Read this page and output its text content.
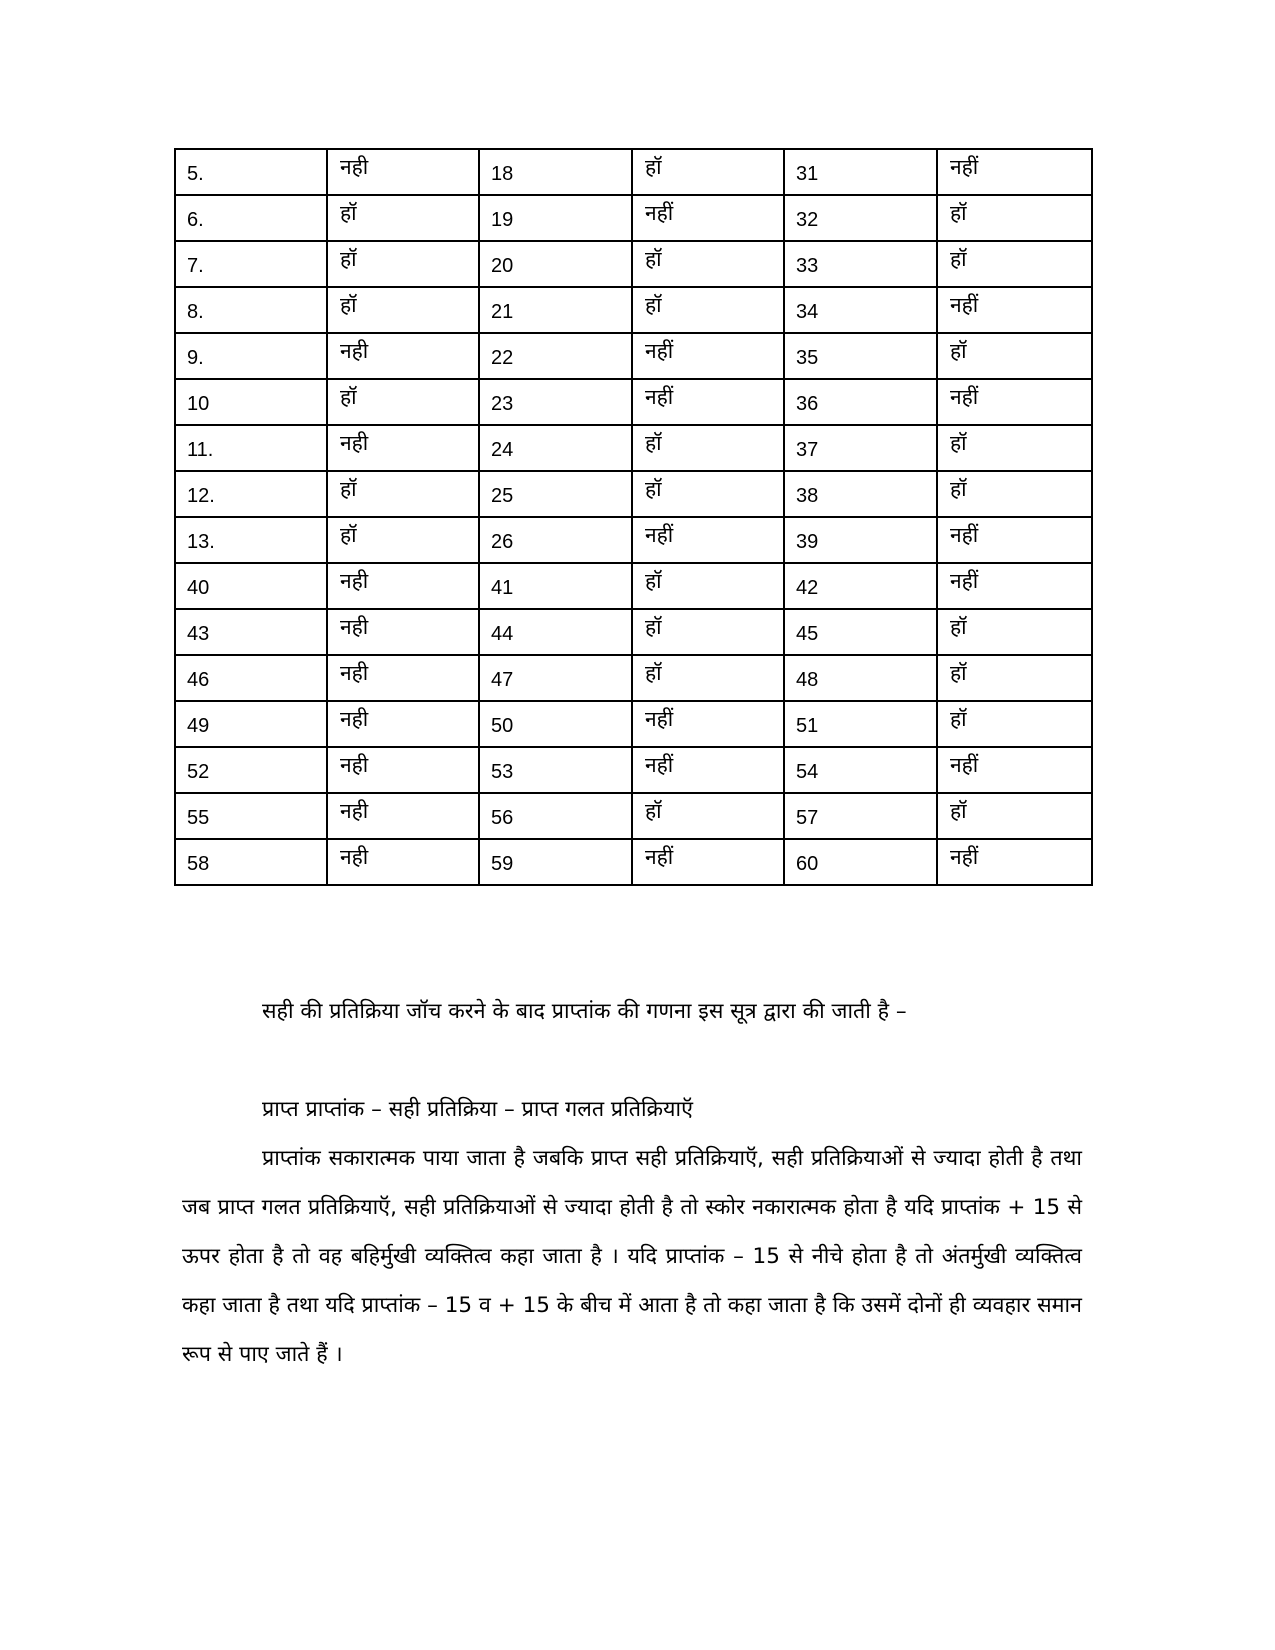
5.	नही	18	हॉ	31	नहीं
6.	हॉ	19	नहीं	32	हॉ
7.	हॉ	20	हॉ	33	हॉ
8.	हॉ	21	हॉ	34	नहीं
9.	नही	22	नहीं	35	हॉ
10	हॉ	23	नहीं	36	नहीं
11.	नही	24	हॉ	37	हॉ
12.	हॉ	25	हॉ	38	हॉ
13.	हॉ	26	नहीं	39	नहीं
40	नही	41	हॉ	42	नहीं
43	नही	44	हॉ	45	हॉ
46	नही	47	हॉ	48	हॉ
49	नही	50	नहीं	51	हॉ
52	नही	53	नहीं	54	नहीं
55	नही	56	हॉ	57	हॉ
58	नही	59	नहीं	60	नहीं

सही की प्रतिक्रिया जॉच करने के बाद प्राप्तांक की गणना इस सूत्र द्वारा की जाती है –

प्राप्त प्राप्तांक – सही प्रतिक्रिया – प्राप्त गलत प्रतिक्रियाऍ

प्राप्तांक सकारात्मक पाया जाता है जबकि प्राप्त सही प्रतिक्रियाऍ, सही प्रतिक्रियाओं से ज्यादा होती है तथा जब प्राप्त गलत प्रतिक्रियाऍ, सही प्रतिक्रियाओं से ज्यादा होती है तो स्कोर नकारात्मक होता है यदि प्राप्तांक + 15 से ऊपर होता है तो वह बहिर्मुखी व्यक्तित्व कहा जाता है । यदि प्राप्तांक – 15 से नीचे होता है तो अंतर्मुखी व्यक्तित्व कहा जाता है तथा यदि प्राप्तांक – 15 व + 15 के बीच में आता है तो कहा जाता है कि उसमें दोनों ही व्यवहार समान रूप से पाए जाते हैं ।
